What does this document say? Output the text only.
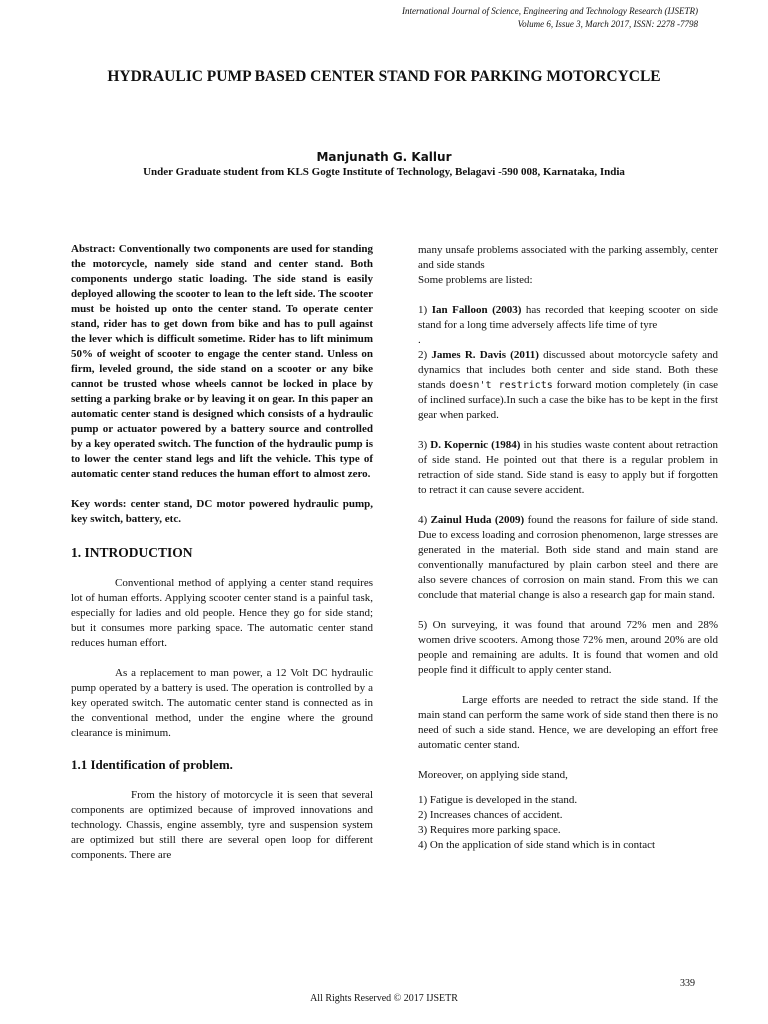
International Journal of Science, Engineering and Technology Research (IJSETR)
Volume 6, Issue 3, March 2017, ISSN: 2278 -7798
HYDRAULIC PUMP BASED CENTER STAND FOR PARKING MOTORCYCLE
Manjunath G. Kallur
Under Graduate student from KLS Gogte Institute of Technology, Belagavi -590 008, Karnataka, India

Abstract: Conventionally two components are used for standing the motorcycle, namely side stand and center stand. Both components undergo static loading. The side stand is easily deployed allowing the scooter to lean to the left side. The scooter must be hoisted up onto the center stand. To operate center stand, rider has to get down from bike and has to pull against the lever which is difficult sometime. Rider has to lift minimum 50% of weight of scooter to engage the center stand. Unless on firm, leveled ground, the side stand on a scooter or any bike cannot be trusted whose wheels cannot be locked in place by setting a parking brake or by leaving it on gear. In this paper an automatic center stand is designed which consists of a hydraulic pump or actuator powered by a battery source and controlled by a key operated switch. The function of the hydraulic pump is to lower the center stand legs and lift the vehicle. This type of automatic center stand reduces the human effort to almost zero.

Key words: center stand, DC motor powered hydraulic pump, key switch, battery, etc.

1. INTRODUCTION

Conventional method of applying a center stand requires lot of human efforts. Applying scooter center stand is a painful task, especially for ladies and old people. Hence they go for side stand; but it consumes more parking space. The automatic center stand reduces human effort.

As a replacement to man power, a 12 Volt DC hydraulic pump operated by a battery is used. The operation is controlled by a key operated switch. The automatic center stand is connected as in the conventional method, under the engine where the ground clearance is minimum.

1.1 Identification of problem.

From the history of motorcycle it is seen that several components are optimized because of improved innovations and technology. Chassis, engine assembly, tyre and suspension system are optimized but still there are several open loop for different components. There are

many unsafe problems associated with the parking assembly, center and side stands

Some problems are listed:

1) Ian Falloon (2003) has recorded that keeping scooter on side stand for a long time adversely affects life time of tyre

.

2) James R. Davis (2011) discussed about motorcycle safety and dynamics that includes both center and side stand. Both these stands doesn't restricts forward motion completely (in case of inclined surface).In such a case the bike has to be kept in the first gear when parked.

3) D. Kopernic (1984) in his studies waste content about retraction of side stand. He pointed out that there is a regular problem in retraction of side stand. Side stand is easy to apply but if forgotten to retract it can cause severe accident.

4) Zainul Huda (2009) found the reasons for failure of side stand. Due to excess loading and corrosion phenomenon, large stresses are generated in the material. Both side stand and main stand are conventionally manufactured by plain carbon steel and there are also severe chances of corrosion on main stand. From this we can conclude that material change is also a research gap for main stand.

5) On surveying, it was found that around 72% men and 28% women drive scooters. Among those 72% men, around 20% are old people and remaining are adults. It is found that women and old people find it difficult to apply center stand.

Large efforts are needed to retract the side stand. If the main stand can perform the same work of side stand then there is no need of such a side stand. Hence, we are developing an effort free automatic center stand.

Moreover, on applying side stand,

1) Fatigue is developed in the stand.

2) Increases chances of accident.

3) Requires more parking space.

4) On the application of side stand which is in contact

339
All Rights Reserved © 2017 IJSETR
